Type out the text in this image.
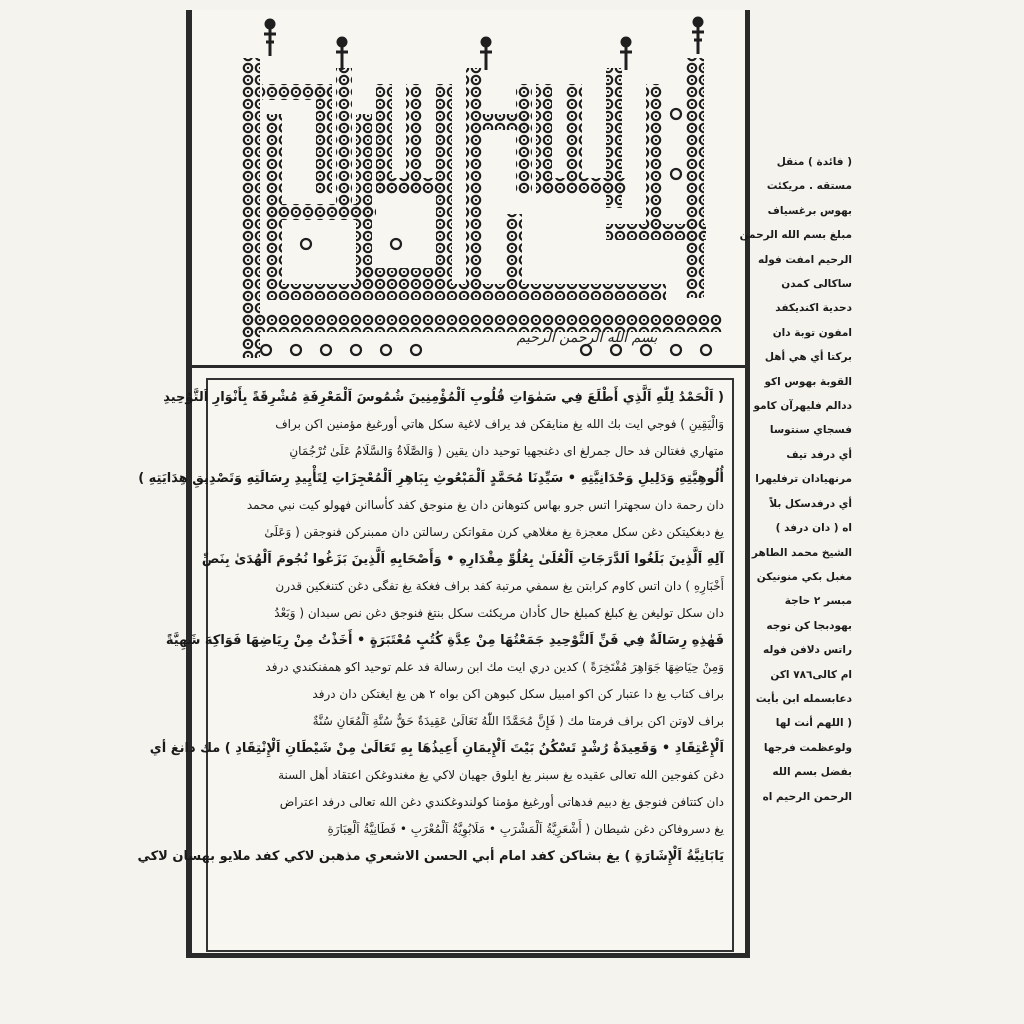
بسم الله الرحمن الرحيم
( اَلْحَمْدُ لِلّٰهِ اَلَّذِي أَطْلَعَ فِي سَمٰوَاتِ قُلُوبِ اَلْمُؤْمِنِينَ شُمُوسَ اَلْمَعْرِفَةِ مُشْرِقَةً بِأَنْوَارِ اَلتَّوْحِيدِ
وَالْيَقِينِ ) فوجي ايت بك الله يغ منايقكن فد يراف لاغية سكل هاتي أورغيغ مؤمنين اكن براف
متهاري فغتالن فد حال جمرلغ اى دغنجهيا توحيد دان يقين ( وَالصَّلَاةُ وَالسَّلَامُ عَلَىٰ تُرْجُمَانِ
أُلُوهِيَّتِهِ وَدَلِيلِ وَحْدَانِيَّتِهِ • سَيِّدِنَا مُحَمَّدٍ اَلْمَبْعُوثِ بِبَاهِرِ اَلْمُعْجِزَاتِ لِتَأْيِيدِ رِسَالَتِهِ وَتَصْدِيقِ هِدَايَتِهِ )
دان رحمة دان سجهترا اتس جرو بهاس كتوهانن دان يغ منوجق كفد كأساانن فهولو كيت نبي محمد
يغ دبغكيتكن دغن سكل معجزة يغ مغلاهي كرن مقواتكن رسالتن دان ممبنركن فنوجقن ( وَعَلَىٰ
آلِهِ اَلَّذِينَ بَلَغُوا اَلدَّرَجَاتِ اَلْعُلَىٰ بِعُلُوِّ مِقْدَارِهِ • وَأَصْحَابِهِ اَلَّذِينَ بَزَغُوا نُجُومَ اَلْهُدَىٰ بِنَصِّ
أَخْبَارِهِ ) دان اتس كاوم كرابتن يغ سمفي مرتبة كفد براف فغكة يغ تفگى دغن كتنغكين قدرن
دان سكل توليغن يغ كبلغ كمبلغ حال كأدان مريكئت سكل بنتغ فنوجق دغن نص سبدان ( وَبَعْدُ
فَهٰذِهِ رِسَالَةٌ فِي فَنِّ اَلتَّوْحِيدِ جَمَعْتُهَا مِنْ عِدَّةِ كُتُبٍ مُعْتَبَرَةٍ • أَخَذْتُ مِنْ رِيَاضِهَا فَوَاكِهَ شَهِيَّةً
وَمِنْ حِيَاضِهَا جَوَاهِرَ مُفْتَخِرَةً ) كدين دري ايت مك ابن رسالة فد علم توحيد اكو همفنكندي درفد
براف كتاب يغ دا عتبار كن اكو امبيل سكل كبوهن اكن بواه ٢ هن يغ ايغتكن دان درفد
براف لاوتن اكن براف فرمتا مك ( فَإِنَّ مُحَمَّدًا اللّٰهُ تَعَالَىٰ عَقِيدَةٌ حَقٌّ سُنَّةِ اَلْمُعَانِ سُنَّةٌ
اَلْإِعْتِقَادِ • وَقَعِيدَةُ رُشْدٍ تَسْكُنُ بَيْتَ اَلْإِيمَانِ أَعِيذُهَا بِهِ تَعَالَىٰ مِنْ شَيْطَانِ اَلْإِنْتِقَادِ ) مك دانغ أي
دغن كفوجين الله تعالى عقيده يغ سبنر يغ ايلوق جهيان لاكي يغ مغندوغكن اعتقاد أهل السنة
دان كتتافن فنوجق يغ دبيم فدهاتى أورغيغ مؤمنا كولندوغكندي دغن الله تعالى درفد اعتراض
يغ دسروفاكن دغن شيطان ( أَشْعَرِيَّةُ اَلْمَشْرَبِ • مَلَابُوِيَّةُ اَلْمُعْرَبِ • فَطَانِيَّةُ اَلْعِبَارَةِ
يَابَانِيَّةُ اَلْإِشَارَةِ ) يغ بشاكن كفد امام أبي الحسن الاشعري مذهبن لاكي كفد ملايو بهسان لاكي
( فائدة ) منقل
مستقه . مريكئت
بهوس برغسياف
مبلغ بسم الله الرحمن
الرحيم امفت فوله
ساكالى كمدن
دحدية اكنديكفد
امفون توبة دان
بركتا أي هي أهل
القوبة بهوس اكو
ددالم فليهرآن كامو
فسجاي سنتوسا
أي درفد تيف
مرنهيادان ترفليهرا
أي درفدسكل بلاً
اه ( دان درفد )
الشيخ محمد الطاهر
مغبل بكي منونيكن
مبسر ٢ حاجة
بهودبجا كن توجه
راتس دلافن فوله
ام كالى٧٨٦ اكن
دعابسمله ابن بأيت
( اللهم أنت لها
ولوعظمت فرجها
بفضل بسم الله
الرحمن الرحيم اه
